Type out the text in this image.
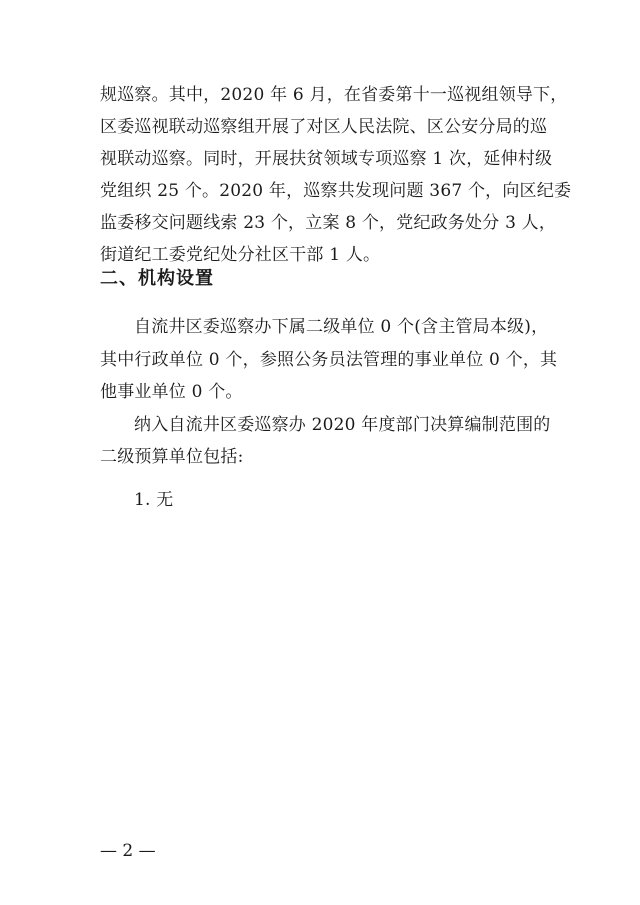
规巡察。其中，2020 年 6 月，在省委第十一巡视组领导下，
区委巡视联动巡察组开展了对区人民法院、区公安分局的巡
视联动巡察。同时，开展扶贫领域专项巡察 1 次，延伸村级
党组织 25 个。2020 年，巡察共发现问题 367 个，向区纪委
监委移交问题线索 23 个，立案 8 个，党纪政务处分 3 人，
街道纪工委党纪处分社区干部 1 人。
二、机构设置
自流井区委巡察办下属二级单位 0 个(含主管局本级)，
其中行政单位 0 个，参照公务员法管理的事业单位 0 个，其
他事业单位 0 个。
纳入自流井区委巡察办 2020 年度部门决算编制范围的
二级预算单位包括:
1. 无
— 2 —
